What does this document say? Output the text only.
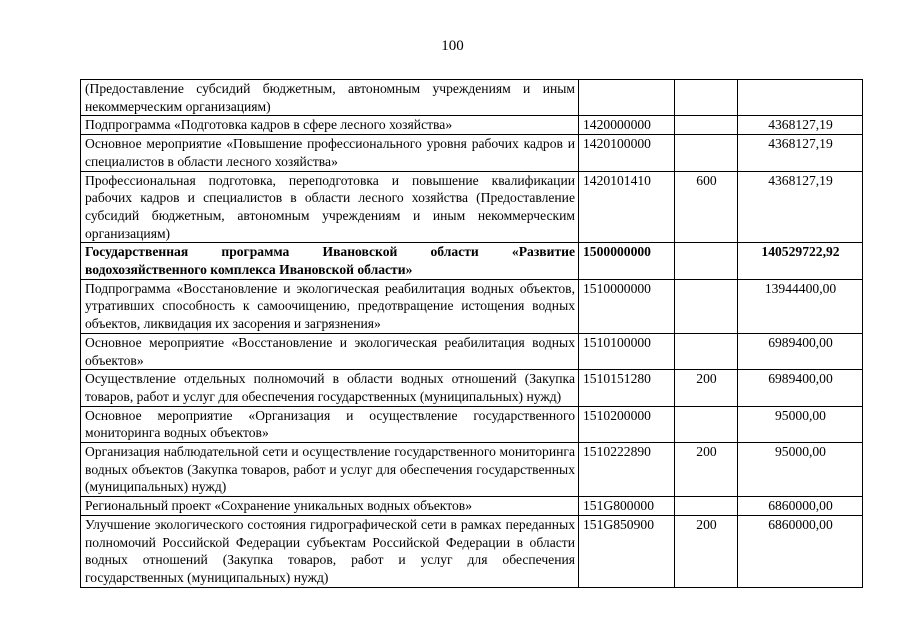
100
(Предоставление субсидий бюджетным, автономным учреждениям и иным некоммерческим организациям)			
Подпрограмма «Подготовка кадров в сфере лесного хозяйства»	1420000000		4368127,19
Основное мероприятие «Повышение профессионального уровня рабочих кадров и специалистов в области лесного хозяйства»	1420100000		4368127,19
Профессиональная подготовка, переподготовка и повышение квалификации рабочих кадров и специалистов в области лесного хозяйства (Предоставление субсидий бюджетным, автономным учреждениям и иным некоммерческим организациям)	1420101410	600	4368127,19
Государственная программа Ивановской области «Развитие водохозяйственного комплекса Ивановской области»	1500000000		140529722,92
Подпрограмма «Восстановление и экологическая реабилитация водных объектов, утративших способность к самоочищению, предотвращение истощения водных объектов, ликвидация их засорения и загрязнения»	1510000000		13944400,00
Основное мероприятие «Восстановление и экологическая реабилитация водных объектов»	1510100000		6989400,00
Осуществление отдельных полномочий в области водных отношений (Закупка товаров, работ и услуг для обеспечения государственных (муниципальных) нужд)	1510151280	200	6989400,00
Основное мероприятие «Организация и осуществление государственного мониторинга водных объектов»	1510200000		95000,00
Организация наблюдательной сети и осуществление государственного мониторинга водных объектов (Закупка товаров, работ и услуг для обеспечения государственных (муниципальных) нужд)	1510222890	200	95000,00
Региональный проект «Сохранение уникальных водных объектов»	151G800000		6860000,00
Улучшение экологического состояния гидрографической сети в рамках переданных полномочий Российской Федерации субъектам Российской Федерации в области водных отношений (Закупка товаров, работ и услуг для обеспечения государственных (муниципальных) нужд)	151G850900	200	6860000,00
